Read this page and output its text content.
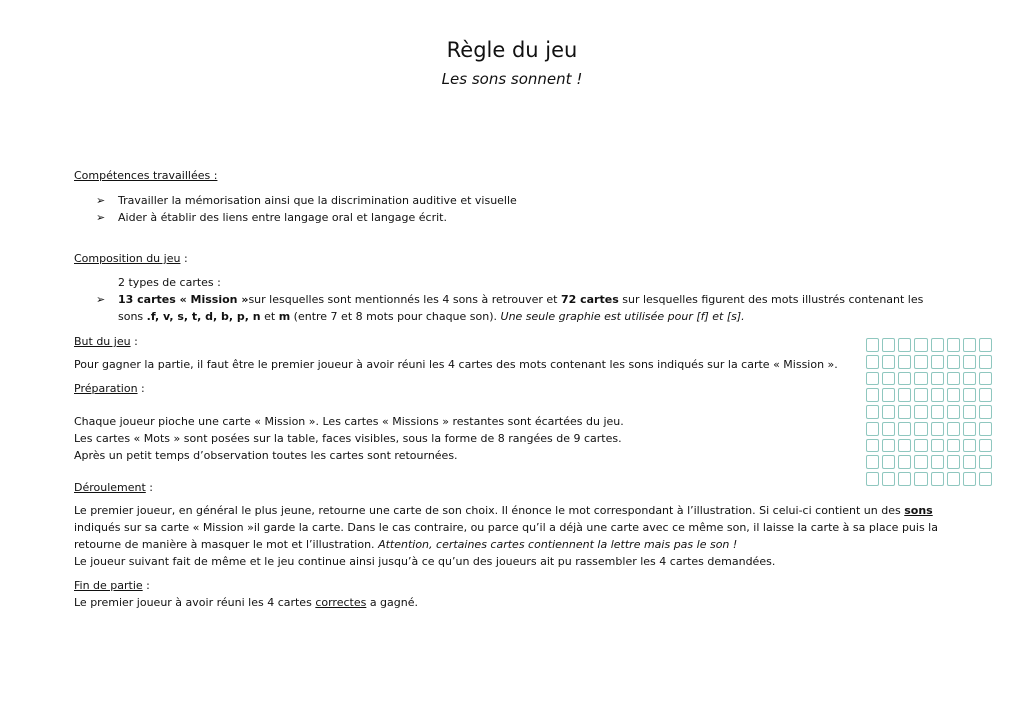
Règle du jeu
Les sons sonnent !
Compétences travaillées :
➢ Travailler la mémorisation ainsi que la discrimination auditive et visuelle
➢ Aider à établir des liens entre langage oral et langage écrit.
Composition du jeu :
2 types de cartes :
➢ 13 cartes « Mission »sur lesquelles sont mentionnés les 4 sons à retrouver et 72 cartes sur lesquelles figurent des mots illustrés contenant les
sons .f, v, s, t, d, b, p, n et m (entre 7 et 8 mots pour chaque son). Une seule graphie est utilisée pour [f] et [s].
But du jeu :
Pour gagner la partie, il faut être le premier joueur à avoir réuni les 4 cartes des mots contenant les sons indiqués sur la carte « Mission ».
Préparation :
Chaque joueur pioche une carte « Mission ». Les cartes « Missions » restantes sont écartées du jeu.
Les cartes « Mots » sont posées sur la table, faces visibles, sous la forme de 8 rangées de 9 cartes.
Après un petit temps d’observation toutes les cartes sont retournées.
Déroulement :
Le premier joueur, en général le plus jeune, retourne une carte de son choix. Il énonce le mot correspondant à l’illustration. Si celui-ci contient un des sons
indiqués sur sa carte « Mission »il garde la carte. Dans le cas contraire, ou parce qu’il a déjà une carte avec ce même son, il laisse la carte à sa place puis la
retourne de manière à masquer le mot et l’illustration. Attention, certaines cartes contiennent la lettre mais pas le son !
Le joueur suivant fait de même et le jeu continue ainsi jusqu’à ce qu’un des joueurs ait pu rassembler les 4 cartes demandées.
Fin de partie :
Le premier joueur à avoir réuni les 4 cartes correctes a gagné.
